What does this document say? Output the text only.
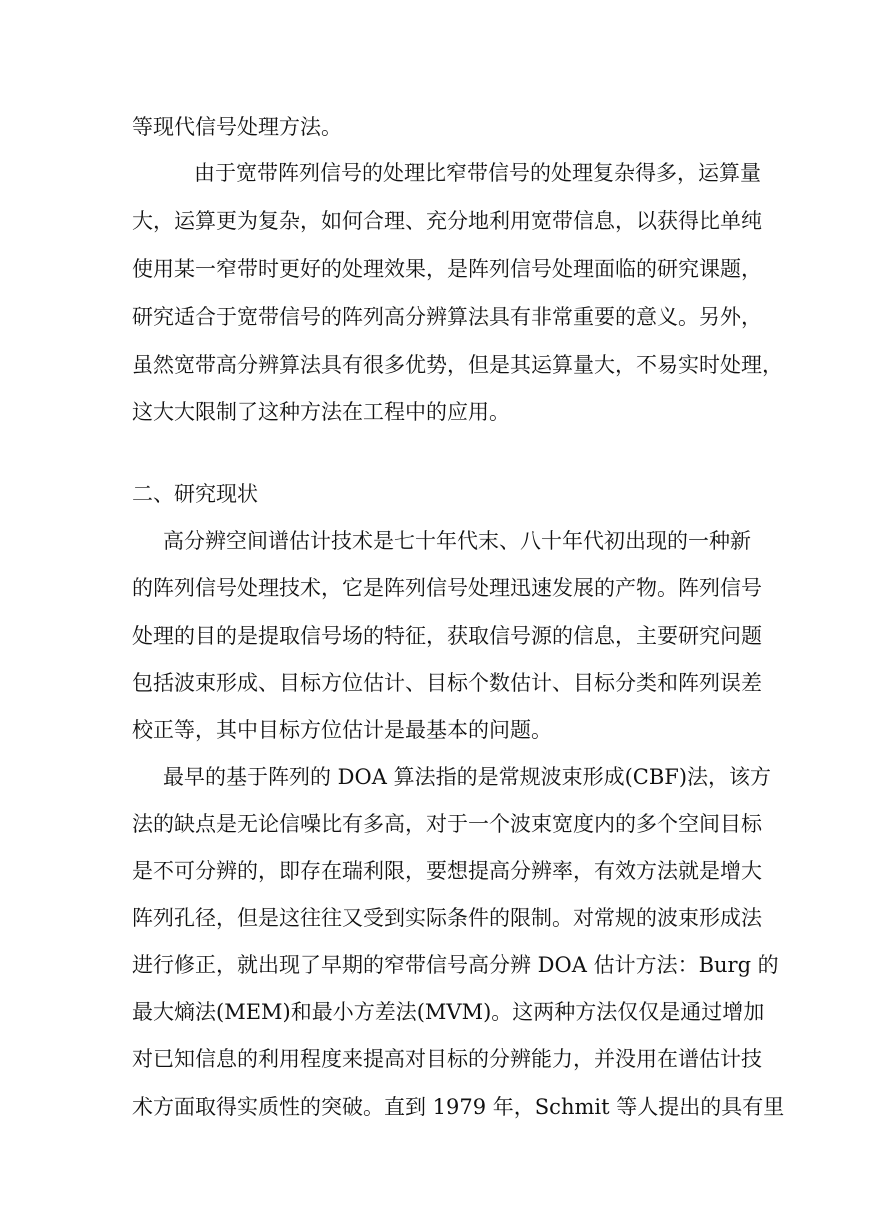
等现代信号处理方法。
由于宽带阵列信号的处理比窄带信号的处理复杂得多，运算量
大，运算更为复杂，如何合理、充分地利用宽带信息，以获得比单纯
使用某一窄带时更好的处理效果，是阵列信号处理面临的研究课题，
研究适合于宽带信号的阵列高分辨算法具有非常重要的意义。另外，
虽然宽带高分辨算法具有很多优势，但是其运算量大，不易实时处理，
这大大限制了这种方法在工程中的应用。
二、研究现状
高分辨空间谱估计技术是七十年代末、八十年代初出现的一种新
的阵列信号处理技术，它是阵列信号处理迅速发展的产物。阵列信号
处理的目的是提取信号场的特征，获取信号源的信息，主要研究问题
包括波束形成、目标方位估计、目标个数估计、目标分类和阵列误差
校正等，其中目标方位估计是最基本的问题。
最早的基于阵列的 DOA 算法指的是常规波束形成(CBF)法，该方
法的缺点是无论信噪比有多高，对于一个波束宽度内的多个空间目标
是不可分辨的，即存在瑞利限，要想提高分辨率，有效方法就是增大
阵列孔径，但是这往往又受到实际条件的限制。对常规的波束形成法
进行修正，就出现了早期的窄带信号高分辨 DOA 估计方法：Burg 的
最大熵法(MEM)和最小方差法(MVM)。这两种方法仅仅是通过增加
对已知信息的利用程度来提高对目标的分辨能力，并没用在谱估计技
术方面取得实质性的突破。直到 1979 年，Schmit 等人提出的具有里
